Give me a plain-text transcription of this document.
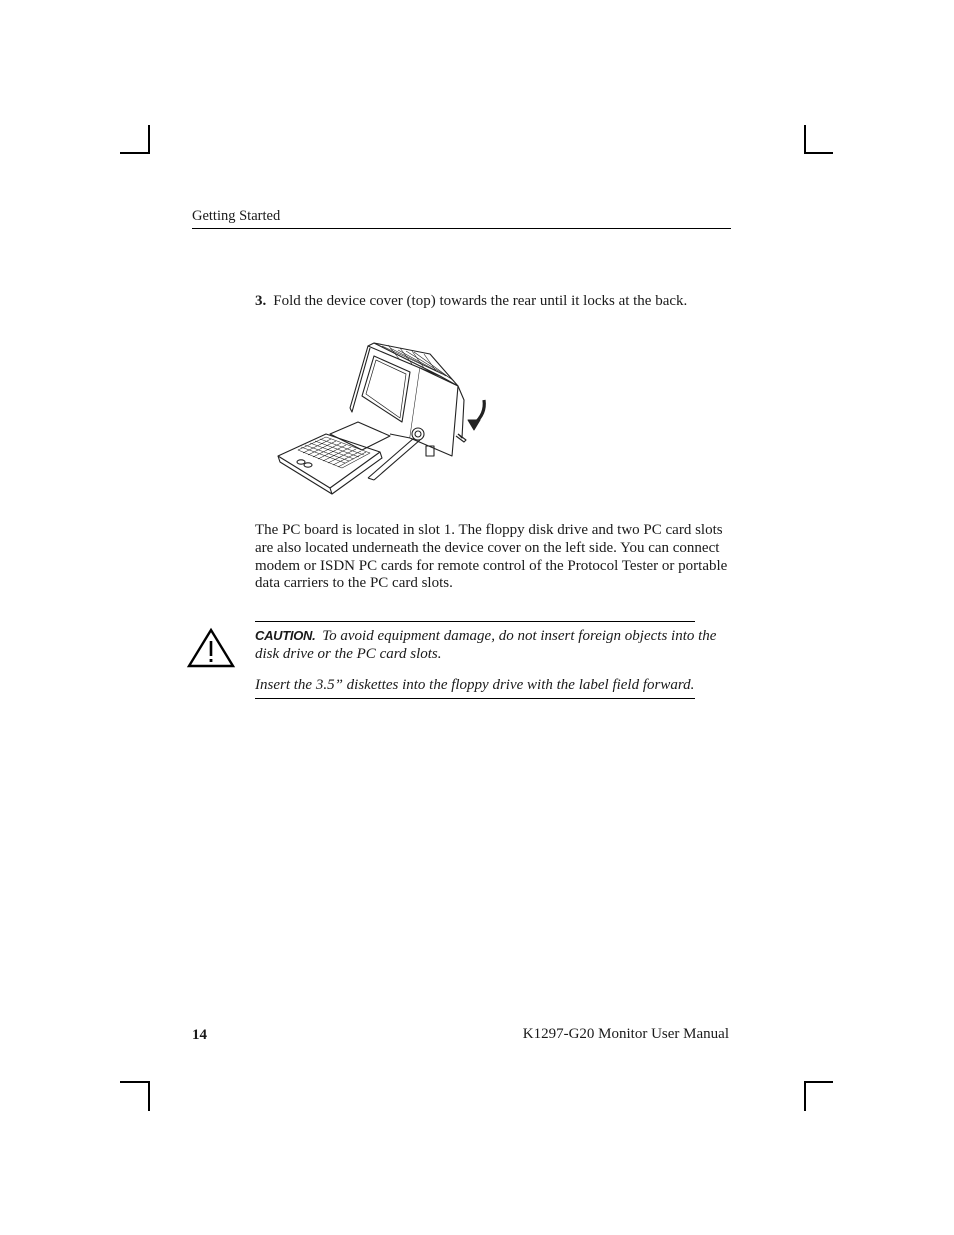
Getting Started
3. Fold the device cover (top) towards the rear until it locks at the back.
The PC board is located in slot 1. The floppy disk drive and two PC card slots are also located underneath the device cover on the left side. You can connect modem or ISDN PC cards for remote control of the Protocol Tester or portable data carriers to the PC card slots.
CAUTION. To avoid equipment damage, do not insert foreign objects into the disk drive or the PC card slots.
Insert the 3.5” diskettes into the floppy drive with the label field forward.
14	K1297-G20 Monitor User Manual
